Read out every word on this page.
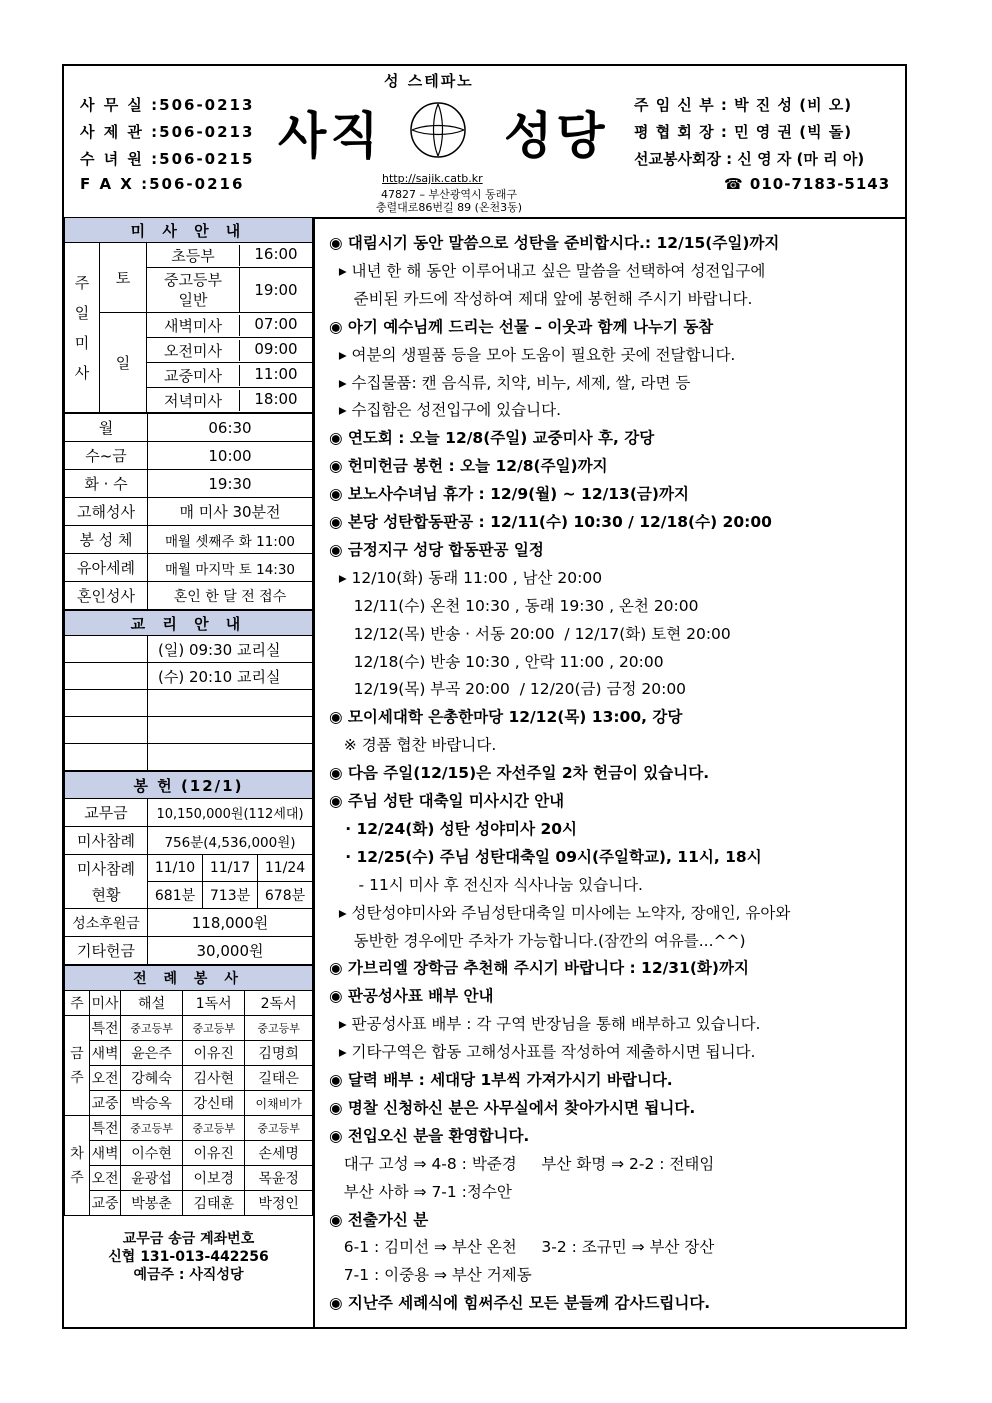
성 스테파노
사 무 실 :506-0213
사 제 관 :506-0213
수 녀 원 :506-0215
F A X :506-0216
사직 성당
http://sajik.catb.kr
47827 – 부산광역시 동래구
충렬대로86번길 89 (온천3동)
주 임 신 부 : 박 진 성 (비 오)
평 협 회 장 : 민 영 권 (빅 돌)
선교봉사회장 : 신 영 자 (마 리 아)
☎ 010-7183-5143
미 사 안 내		
주
일
미
사	토	초등부 16:00

		중고등부
일반
19:00

	일	새벽미사 07:00

		오전미사 09:00

		교중미사 11:00

		저녁미사 18:00
월	06:30
수~금	10:00
화 · 수	19:30
고해성사	매 미사 30분전
봉 성 체	매월 셋째주 화 11:00
유아세례	매월 마지막 토 14:30
혼인성사	혼인 한 달 전 접수
교 리 안 내	
	(일) 09:30 교리실
	(수) 20:10 교리실

봉 헌 (12/1)			
교무금	10,150,000원(112세대)		
미사참례	756분(4,536,000원)		
미사참례
현황	11/10	11/17	11/24
	681분	713분	678분
성소후원금	118,000원		
기타헌금	30,000원		
전 례 봉 사				
주	미사	해설	1독서	2독서
금
주	특전	중고등부	중고등부	중고등부
	새벽	윤은주	이유진	김명희
	오전	강혜숙	김사현	길태은
	교중	박승옥	강신태	이채비가
차
주	특전	중고등부	중고등부	중고등부
	새벽	이수현	이유진	손세명
	오전	윤광섭	이보경	목윤정
	교중	박봉춘	김태훈	박정인
교무금 송금 계좌번호
신협 131-013-442256
예금주 : 사직성당
◉ 대림시기 동안 말씀으로 성탄을 준비합시다.: 12/15(주일)까지
▸ 내년 한 해 동안 이루어내고 싶은 말씀을 선택하여 성전입구에
준비된 카드에 작성하여 제대 앞에 봉헌해 주시기 바랍니다.
◉ 아기 예수님께 드리는 선물 – 이웃과 함께 나누기 동참
▸ 여분의 생필품 등을 모아 도움이 필요한 곳에 전달합니다.
▸ 수집물품: 캔 음식류, 치약, 비누, 세제, 쌀, 라면 등
▸ 수집함은 성전입구에 있습니다.
◉ 연도회 : 오늘 12/8(주일) 교중미사 후, 강당
◉ 헌미헌금 봉헌 : 오늘 12/8(주일)까지
◉ 보노사수녀님 휴가 : 12/9(월) ~ 12/13(금)까지
◉ 본당 성탄합동판공 : 12/11(수) 10:30 / 12/18(수) 20:00
◉ 금정지구 성당 합동판공 일정
▸ 12/10(화) 동래 11:00 , 남산 20:00
12/11(수) 온천 10:30 , 동래 19:30 , 온천 20:00
12/12(목) 반송 · 서동 20:00  / 12/17(화) 토현 20:00
12/18(수) 반송 10:30 , 안락 11:00 , 20:00
12/19(목) 부곡 20:00  / 12/20(금) 금정 20:00
◉ 모이세대학 은총한마당 12/12(목) 13:00, 강당
※ 경품 협찬 바랍니다.
◉ 다음 주일(12/15)은 자선주일 2차 헌금이 있습니다.
◉ 주님 성탄 대축일 미사시간 안내
· 12/24(화) 성탄 성야미사 20시
· 12/25(수) 주님 성탄대축일 09시(주일학교), 11시, 18시
- 11시 미사 후 전신자 식사나눔 있습니다.
▸ 성탄성야미사와 주님성탄대축일 미사에는 노약자, 장애인, 유아와
동반한 경우에만 주차가 가능합니다.(잠깐의 여유를...^^)
◉ 가브리엘 장학금 추천해 주시기 바랍니다 : 12/31(화)까지
◉ 판공성사표 배부 안내
▸ 판공성사표 배부 : 각 구역 반장님을 통해 배부하고 있습니다.
▸ 기타구역은 합동 고해성사표를 작성하여 제출하시면 됩니다.
◉ 달력 배부 : 세대당 1부씩 가져가시기 바랍니다.
◉ 명찰 신청하신 분은 사무실에서 찾아가시면 됩니다.
◉ 전입오신 분을 환영합니다.
대구 고성 ⇒ 4-8 : 박준경     부산 화명 ⇒ 2-2 : 전태임
부산 사하 ⇒ 7-1 :정수안
◉ 전출가신 분
6-1 : 김미선 ⇒ 부산 온천     3-2 : 조규민 ⇒ 부산 장산
7-1 : 이중용 ⇒ 부산 거제동
◉ 지난주 세례식에 힘써주신 모든 분들께 감사드립니다.
